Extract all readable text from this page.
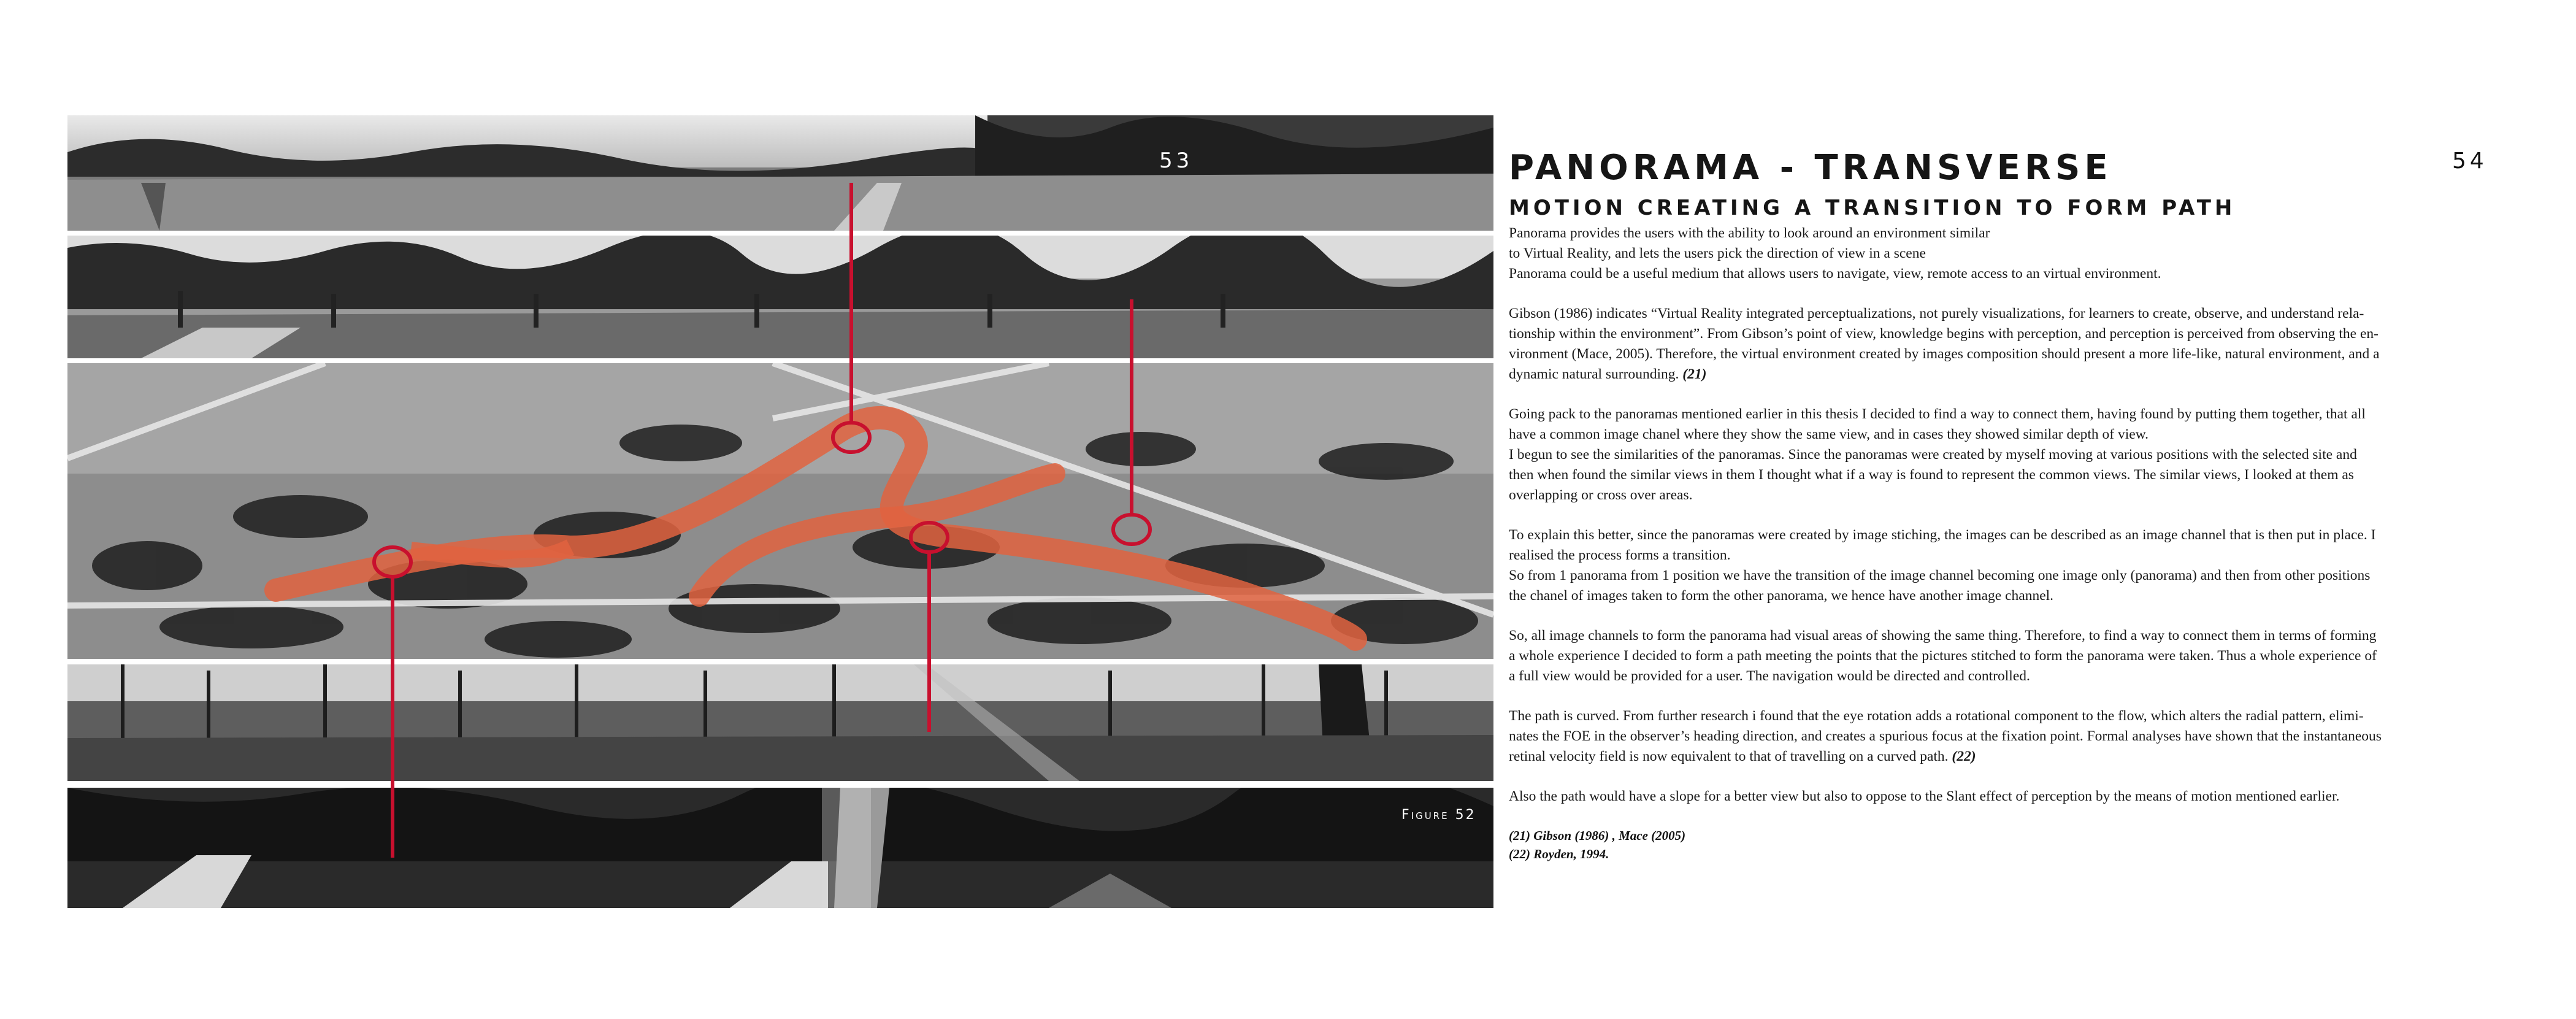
53
Figure 52
54
PANORAMA - TRANSVERSE
MOTION CREATING A TRANSITION TO FORM PATH

Panorama provides the users with the ability to look around an environment similar
to Virtual Reality, and lets the users pick the direction of view in a scene
Panorama could be a useful medium that allows users to navigate, view, remote access to an virtual environment.

Gibson (1986) indicates “Virtual Reality integrated perceptualizations, not purely visualizations, for learners to create, observe, and understand rela-
tionship within the environment”. From Gibson’s point of view, knowledge begins with perception, and perception is perceived from observing the en-
vironment (Mace, 2005). Therefore, the virtual environment created by images composition should present a more life-like, natural environment, and a
dynamic natural surrounding. (21)

Going pack to the panoramas mentioned earlier in this thesis I decided to find a way to connect them, having found by putting them together, that all
have a common image chanel where they show the same view, and in cases they showed similar depth of view.
I begun to see the similarities of the panoramas. Since the panoramas were created by myself moving at various positions with the selected site and
then when found the similar views in them I thought what if a way is found to represent the common views. The similar views, I looked at them as
overlapping or cross over areas.

To explain this better, since the panoramas were created by image stiching, the images can be described as an image channel that is then put in place. I
realised the process forms a transition.
So from 1 panorama from 1 position we have the transition of the image channel becoming one image only (panorama) and then from other positions
the chanel of images taken to form the other panorama, we hence have another image channel.

So, all image channels to form the panorama had visual areas of showing the same thing. Therefore, to find a way to connect them in terms of forming
a whole experience I decided to form a path meeting the points that the pictures stitched to form the panorama were taken. Thus a whole experience of
a full view would be provided for a user. The navigation would be directed and controlled.

The path is curved. From further research i found that the eye rotation adds a rotational component to the flow, which alters the radial pattern, elimi-
nates the FOE in the observer’s heading direction, and creates a spurious focus at the fixation point. Formal analyses have shown that the instantaneous
retinal velocity field is now equivalent to that of travelling on a curved path. (22)

Also the path would have a slope for a better view but also to oppose to the Slant effect of perception by the means of motion mentioned earlier.

(21) Gibson (1986) , Mace (2005)
(22) Royden, 1994.
